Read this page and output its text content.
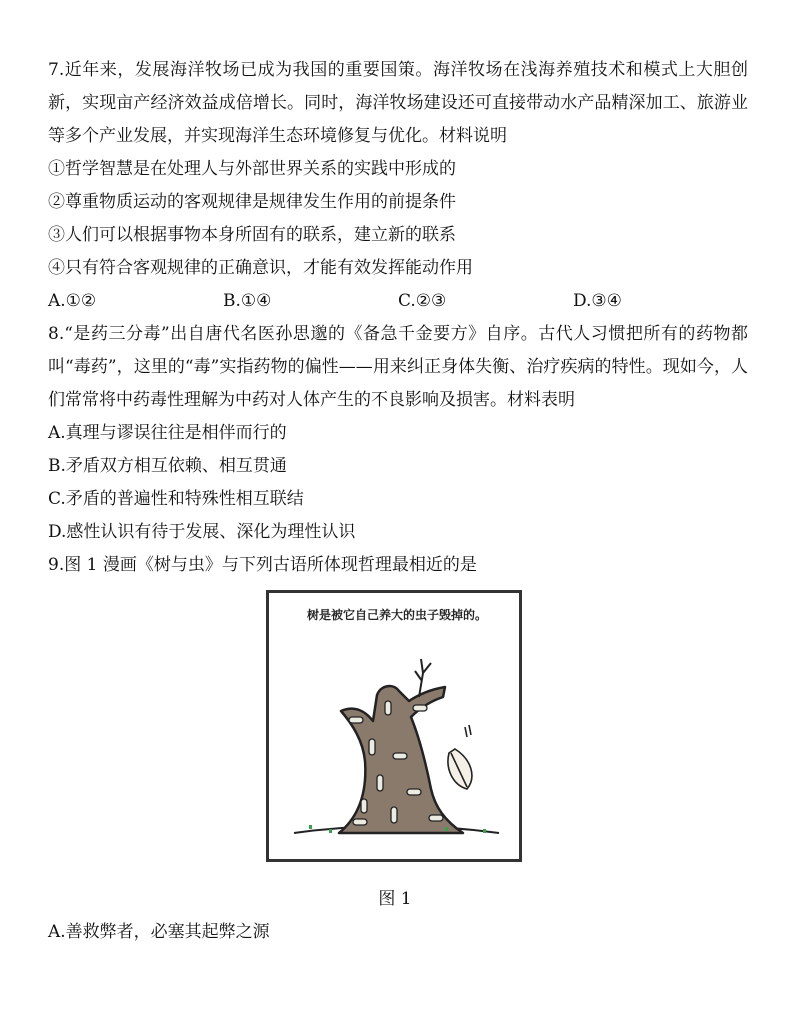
7.近年来，发展海洋牧场已成为我国的重要国策。海洋牧场在浅海养殖技术和模式上大胆创新，实现亩产经济效益成倍增长。同时，海洋牧场建设还可直接带动水产品精深加工、旅游业等多个产业发展，并实现海洋生态环境修复与优化。材料说明
①哲学智慧是在处理人与外部世界关系的实践中形成的
②尊重物质运动的客观规律是规律发生作用的前提条件
③人们可以根据事物本身所固有的联系，建立新的联系
④只有符合客观规律的正确意识，才能有效发挥能动作用
A.①②	B.①④	C.②③	D.③④
8.“是药三分毒”出自唐代名医孙思邈的《备急千金要方》自序。古代人习惯把所有的药物都叫“毒药”，这里的“毒”实指药物的偏性——用来纠正身体失衡、治疗疾病的特性。现如今，人们常常将中药毒性理解为中药对人体产生的不良影响及损害。材料表明
A.真理与谬误往往是相伴而行的
B.矛盾双方相互依赖、相互贯通
C.矛盾的普遍性和特殊性相互联结
D.感性认识有待于发展、深化为理性认识
9.图 1 漫画《树与虫》与下列古语所体现哲理最相近的是
树是被它自己养大的虫子毁掉的。
图 1
A.善救弊者，必塞其起弊之源
